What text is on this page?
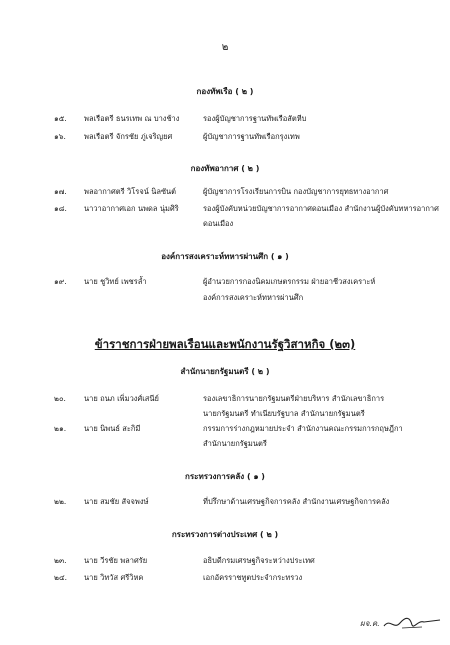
๒
กองทัพเรือ ( ๒ )
๑๕.	พลเรือตรี ธนรเทพ ณ บางช้าง	รองผู้บัญชาการฐานทัพเรือสัตหีบ
๑๖.	พลเรือตรี จักรชัย ภู่เจริญยศ	ผู้บัญชาการฐานทัพเรือกรุงเทพ
กองทัพอากาศ ( ๒ )
๑๗.	พลอากาศตรี วิโรจน์ นิลซันต์	ผู้บัญชาการโรงเรียนการบิน กองบัญชาการยุทธทางอากาศ
๑๘.	นาวาอากาศเอก นพดล นุ่มศิริ	รองผู้บังคับหน่วยบัญชาการอากาศดอนเมือง สำนักงานผู้บังคับทหารอากาศ
ดอนเมือง
องค์การสงเคราะห์ทหารผ่านศึก ( ๑ )
๑๙.	นาย ชูวิทย์ เพชรล้ำ	ผู้อำนวยการกองนิคมเกษตรกรรม ฝ่ายอาชีวสงเคราะห์
องค์การสงเคราะห์ทหารผ่านศึก
ข้าราชการฝ่ายพลเรือนและพนักงานรัฐวิสาหกิจ (๒๓)
สำนักนายกรัฐมนตรี ( ๒ )
๒๐.	นาย ถนภ เพิ่มวงศ์เสนีย์	รองเลขาธิการนายกรัฐมนตรีฝ่ายบริหาร สำนักเลขาธิการ
นายกรัฐมนตรี ทำเนียบรัฐบาล สำนักนายกรัฐมนตรี
๒๑.	นาย นิพนธ์ สะกิมี	กรรมการร่างกฎหมายประจำ สำนักงานคณะกรรมการกฤษฎีกา
สำนักนายกรัฐมนตรี
กระทรวงการคลัง ( ๑ )
๒๒.	นาย สมชัย สัจจพงษ์	ที่ปรึกษาด้านเศรษฐกิจการคลัง สำนักงานเศรษฐกิจการคลัง
กระทรวงการต่างประเทศ ( ๒ )
๒๓.	นาย วีรชัย พลาศรัย	อธิบดีกรมเศรษฐกิจระหว่างประเทศ
๒๔.	นาย วิทวัส ศรีวิหค	เอกอัครราชทูตประจำกระทรวง
ผจ.ค.
